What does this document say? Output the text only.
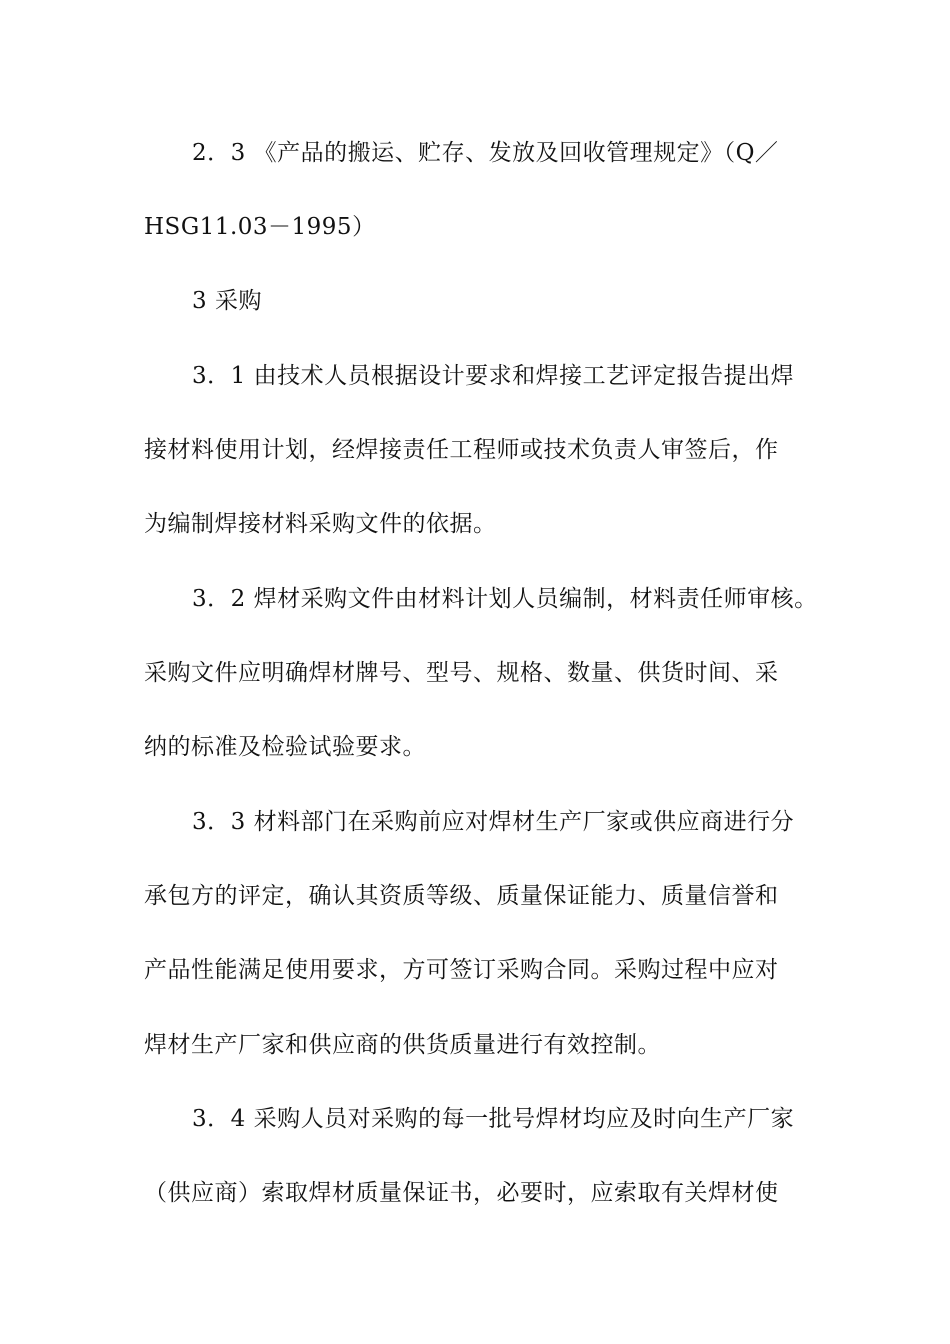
2．3 《产品的搬运、贮存、发放及回收管理规定》（Q／
HSG11.03－1995）
3 采购
3．1 由技术人员根据设计要求和焊接工艺评定报告提出焊
接材料使用计划，经焊接责任工程师或技术负责人审签后，作
为编制焊接材料采购文件的依据。
3．2 焊材采购文件由材料计划人员编制，材料责任师审核。
采购文件应明确焊材牌号、型号、规格、数量、供货时间、采
纳的标准及检验试验要求。
3．3 材料部门在采购前应对焊材生产厂家或供应商进行分
承包方的评定，确认其资质等级、质量保证能力、质量信誉和
产品性能满足使用要求，方可签订采购合同。采购过程中应对
焊材生产厂家和供应商的供货质量进行有效控制。
3．4 采购人员对采购的每一批号焊材均应及时向生产厂家
（供应商）索取焊材质量保证书，必要时，应索取有关焊材使
